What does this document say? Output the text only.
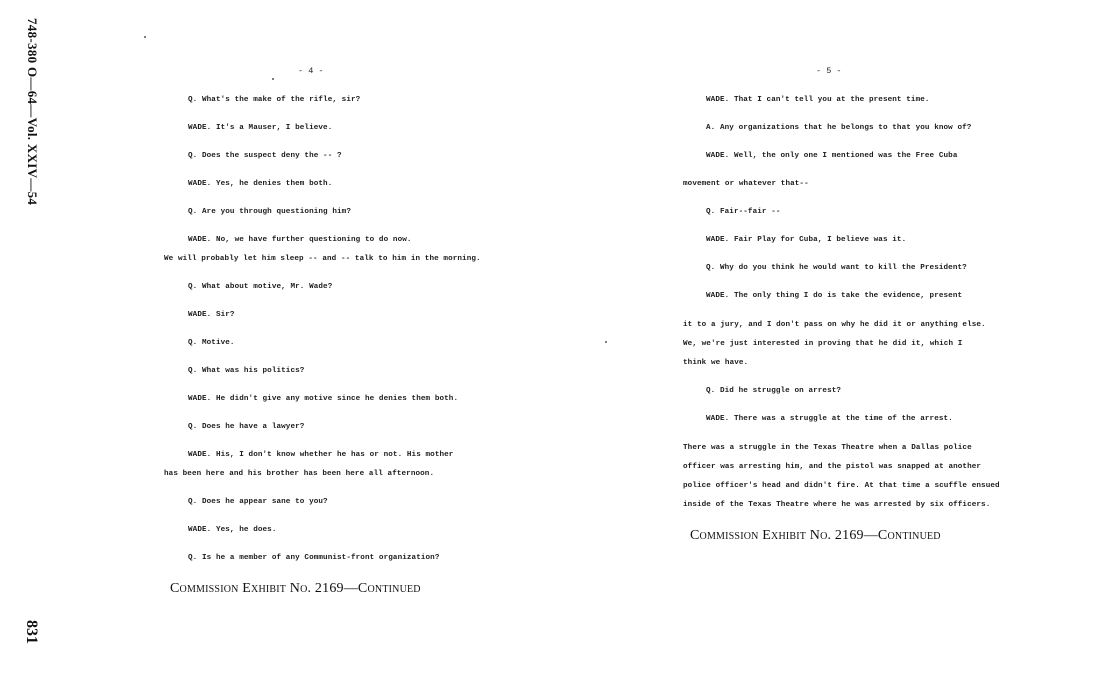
748-380 O—64—Vol. XXIV—54
831
- 4 -
Q. What's the make of the rifle, sir?
WADE. It's a Mauser, I believe.
Q. Does the suspect deny the -- ?
WADE. Yes, he denies them both.
Q. Are you through questioning him?
WADE. No, we have further questioning to do now.
We will probably let him sleep -- and -- talk to him in the morning.
Q. What about motive, Mr. Wade?
WADE. Sir?
Q. Motive.
Q. What was his politics?
WADE. He didn't give any motive since he denies them both.
Q. Does he have a lawyer?
WADE. His, I don't know whether he has or not. His mother
has been here and his brother has been here all afternoon.
Q. Does he appear sane to you?
WADE. Yes, he does.
Q. Is he a member of any Communist-front organization?
Commission Exhibit No. 2169—Continued
- 5 -
WADE. That I can't tell you at the present time.
A. Any organizations that he belongs to that you know of?
WADE. Well, the only one I mentioned was the Free Cuba
movement or whatever that--
Q. Fair--fair --
WADE. Fair Play for Cuba, I believe was it.
Q. Why do you think he would want to kill the President?
WADE. The only thing I do is take the evidence, present
it to a jury, and I don't pass on why he did it or anything else.
We, we're just interested in proving that he did it, which I
think we have.
Q. Did he struggle on arrest?
WADE. There was a struggle at the time of the arrest.
There was a struggle in the Texas Theatre when a Dallas police
officer was arresting him, and the pistol was snapped at another
police officer's head and didn't fire. At that time a scuffle ensued
inside of the Texas Theatre where he was arrested by six officers.
Commission Exhibit No. 2169—Continued
